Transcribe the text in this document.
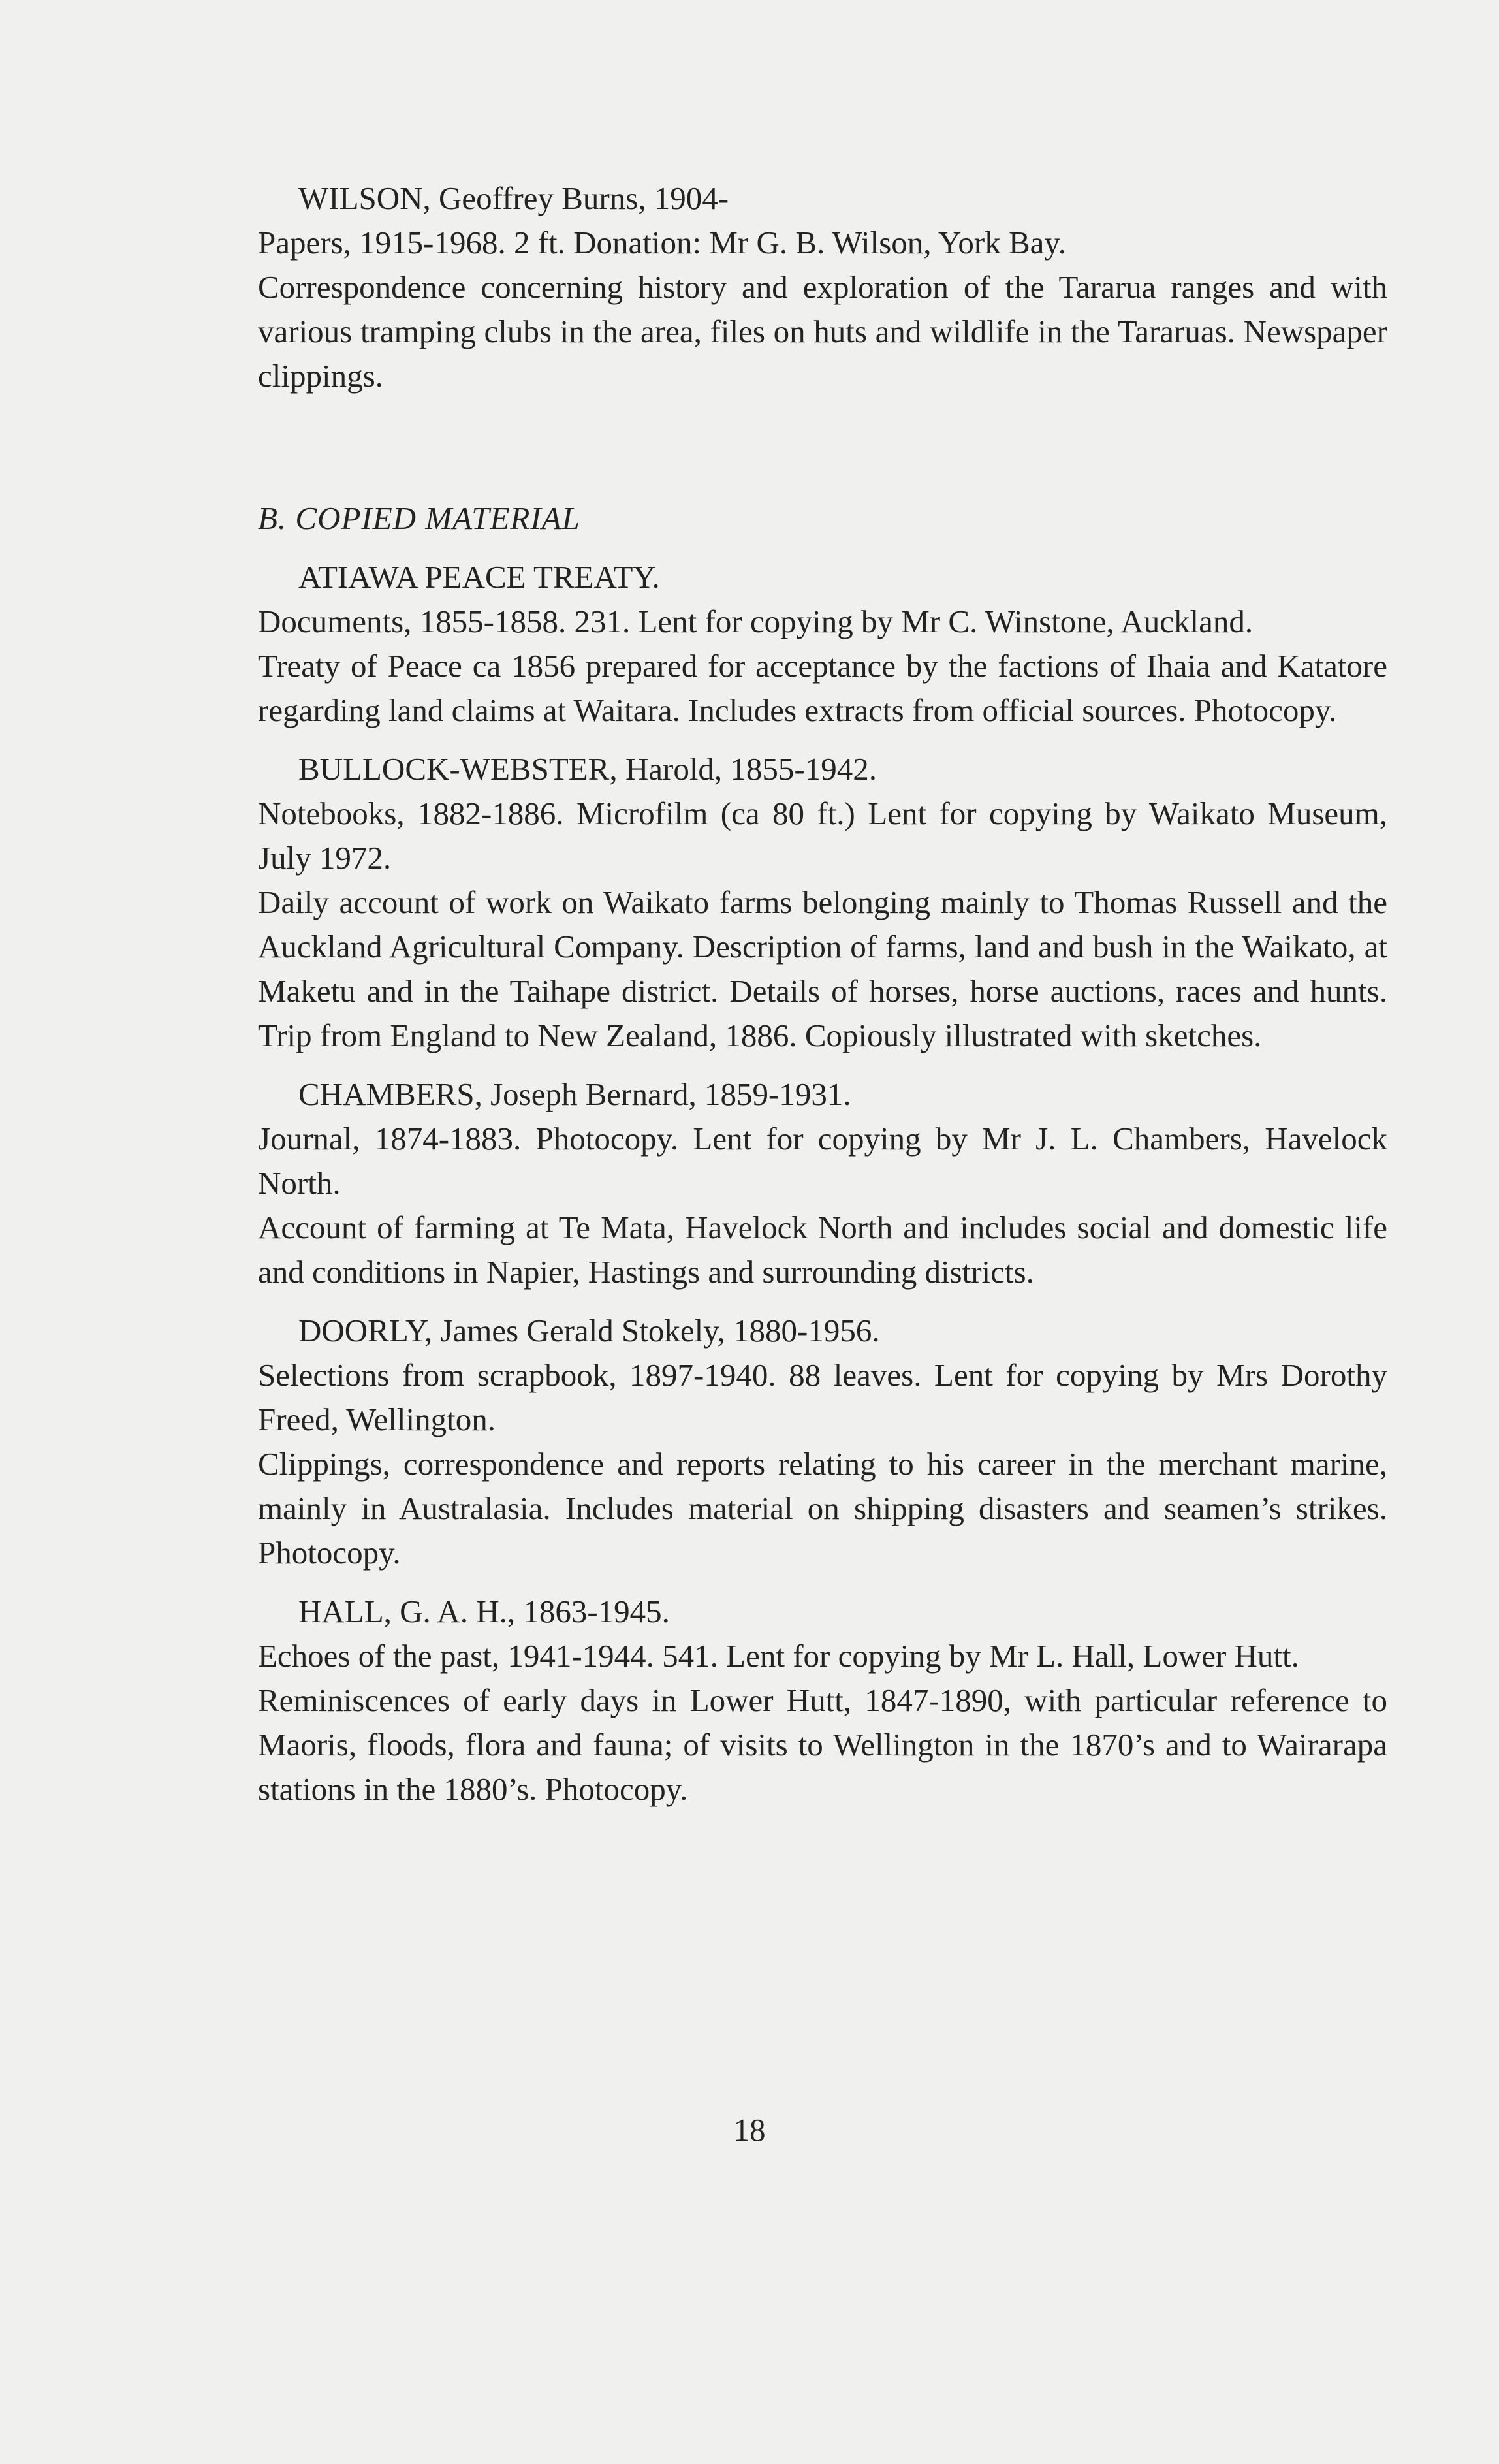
WILSON, Geoffrey Burns, 1904-
Papers, 1915-1968. 2 ft. Donation: Mr G. B. Wilson, York Bay.
Correspondence concerning history and exploration of the Tararua ranges and with various tramping clubs in the area, files on huts and wildlife in the Tararuas. Newspaper clippings.
B. COPIED MATERIAL
ATIAWA PEACE TREATY.
Documents, 1855-1858. 231. Lent for copying by Mr C. Winstone, Auckland.
Treaty of Peace ca 1856 prepared for acceptance by the factions of Ihaia and Katatore regarding land claims at Waitara. Includes extracts from official sources. Photocopy.
BULLOCK-WEBSTER, Harold, 1855-1942.
Notebooks, 1882-1886. Microfilm (ca 80 ft.) Lent for copying by Waikato Museum, July 1972.
Daily account of work on Waikato farms belonging mainly to Thomas Russell and the Auckland Agricultural Company. Description of farms, land and bush in the Waikato, at Maketu and in the Taihape district. Details of horses, horse auctions, races and hunts. Trip from England to New Zealand, 1886. Copiously illustrated with sketches.
CHAMBERS, Joseph Bernard, 1859-1931.
Journal, 1874-1883. Photocopy. Lent for copying by Mr J. L. Chambers, Havelock North.
Account of farming at Te Mata, Havelock North and includes social and domestic life and conditions in Napier, Hastings and surrounding districts.
DOORLY, James Gerald Stokely, 1880-1956.
Selections from scrapbook, 1897-1940. 88 leaves. Lent for copying by Mrs Dorothy Freed, Wellington.
Clippings, correspondence and reports relating to his career in the merchant marine, mainly in Australasia. Includes material on shipping disasters and seamen’s strikes. Photocopy.
HALL, G. A. H., 1863-1945.
Echoes of the past, 1941-1944. 541. Lent for copying by Mr L. Hall, Lower Hutt.
Reminiscences of early days in Lower Hutt, 1847-1890, with particular reference to Maoris, floods, flora and fauna; of visits to Wellington in the 1870’s and to Wairarapa stations in the 1880’s. Photocopy.
18
